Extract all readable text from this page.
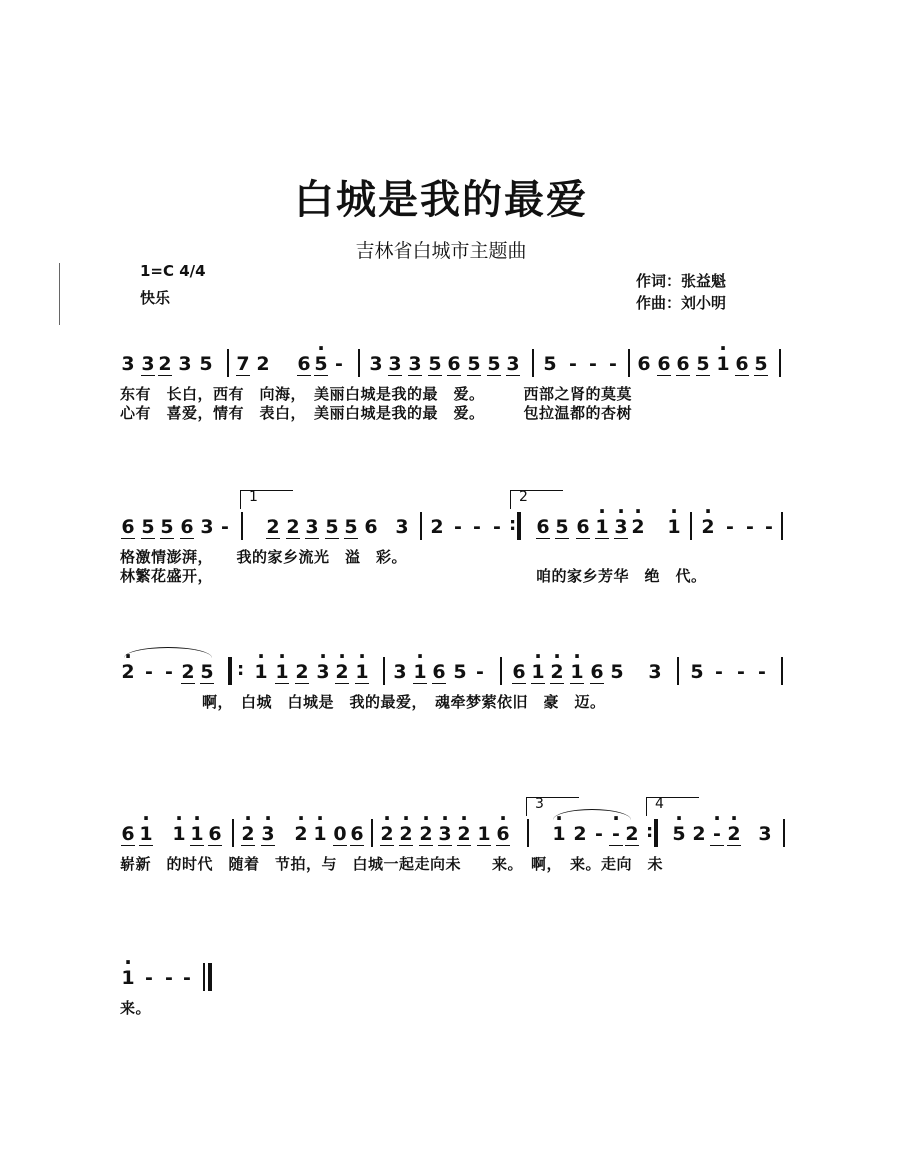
白城是我的最爱
吉林省白城市主题曲
1=C 4/4
快乐
作词：张益魁
作曲：刘小明
3 3 2 3 5 7 2 6 · 5 - 3 3 3 5 6 5 5 3 5 - - - 6 6 6 5 · 1 6 5
东有　长白，西有　向海，　美丽白城是我的最　爱。　　　西部之肾的莫莫
心有　喜爱，情有　表白，　美丽白城是我的最　爱。　　　包拉温都的杏树
1	2
6 5 5 6 3 - 2 2 3 5 5 6 3 2 - - - : 6 5 6 · 1 · 3 · 2 · 1 · 2 - - -
格激情澎湃，　　我的家乡流光　溢　彩。
林繁花盛开，	咱的家乡芳华　绝　代。
· 2 - - 2 5 : · 1 · 1 2 · 3 · 2 · 1 3 · 1 6 5 - 6 · 1 · 2 · 1 6 5 3 5 - - -
啊，　白城　白城是　我的最爱，　魂牵梦萦依旧　豪　迈。
3	4
6 · 1 · 1 · 1 6 · 2 · 3 · 2 · 1 0 6 · 2 · 2 · 2 · 3 · 2 1 · 6 · 1 2 - · - 2 : · 5 2 · - · 2 3
崭新　的时代　随着　节拍，与　白城一起走向未　　来。　啊，　来。走向　未
· 1 - - -
来。
